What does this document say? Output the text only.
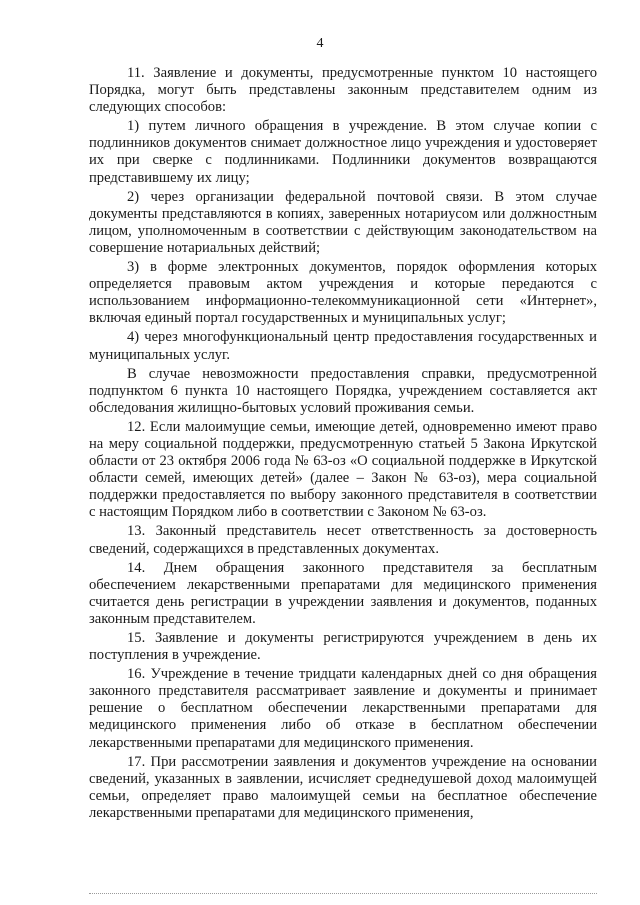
4

11. Заявление и документы, предусмотренные пунктом 10 настоящего Порядка, могут быть представлены законным представителем одним из следующих способов:

1) путем личного обращения в учреждение. В этом случае копии с подлинников документов снимает должностное лицо учреждения и удостоверяет их при сверке с подлинниками. Подлинники документов возвращаются представившему их лицу;

2) через организации федеральной почтовой связи. В этом случае документы представляются в копиях, заверенных нотариусом или должностным лицом, уполномоченным в соответствии с действующим законодательством на совершение нотариальных действий;

3) в форме электронных документов, порядок оформления которых определяется правовым актом учреждения и которые передаются с использованием информационно-телекоммуникационной сети «Интернет», включая единый портал государственных и муниципальных услуг;

4) через многофункциональный центр предоставления государственных и муниципальных услуг.

В случае невозможности предоставления справки, предусмотренной подпунктом 6 пункта 10 настоящего Порядка, учреждением составляется акт обследования жилищно-бытовых условий проживания семьи.

12. Если малоимущие семьи, имеющие детей, одновременно имеют право на меру социальной поддержки, предусмотренную статьей 5 Закона Иркутской области от 23 октября 2006 года № 63-оз «О социальной поддержке в Иркутской области семей, имеющих детей» (далее – Закон № 63-оз), мера социальной поддержки предоставляется по выбору законного представителя в соответствии с настоящим Порядком либо в соответствии с Законом № 63-оз.

13. Законный представитель несет ответственность за достоверность сведений, содержащихся в представленных документах.

14. Днем обращения законного представителя за бесплатным обеспечением лекарственными препаратами для медицинского применения считается день регистрации в учреждении заявления и документов, поданных законным представителем.

15. Заявление и документы регистрируются учреждением в день их поступления в учреждение.

16. Учреждение в течение тридцати календарных дней со дня обращения законного представителя рассматривает заявление и документы и принимает решение о бесплатном обеспечении лекарственными препаратами для медицинского применения либо об отказе в бесплатном обеспечении лекарственными препаратами для медицинского применения.

17. При рассмотрении заявления и документов учреждение на основании сведений, указанных в заявлении, исчисляет среднедушевой доход малоимущей семьи, определяет право малоимущей семьи на бесплатное обеспечение лекарственными препаратами для медицинского применения,
